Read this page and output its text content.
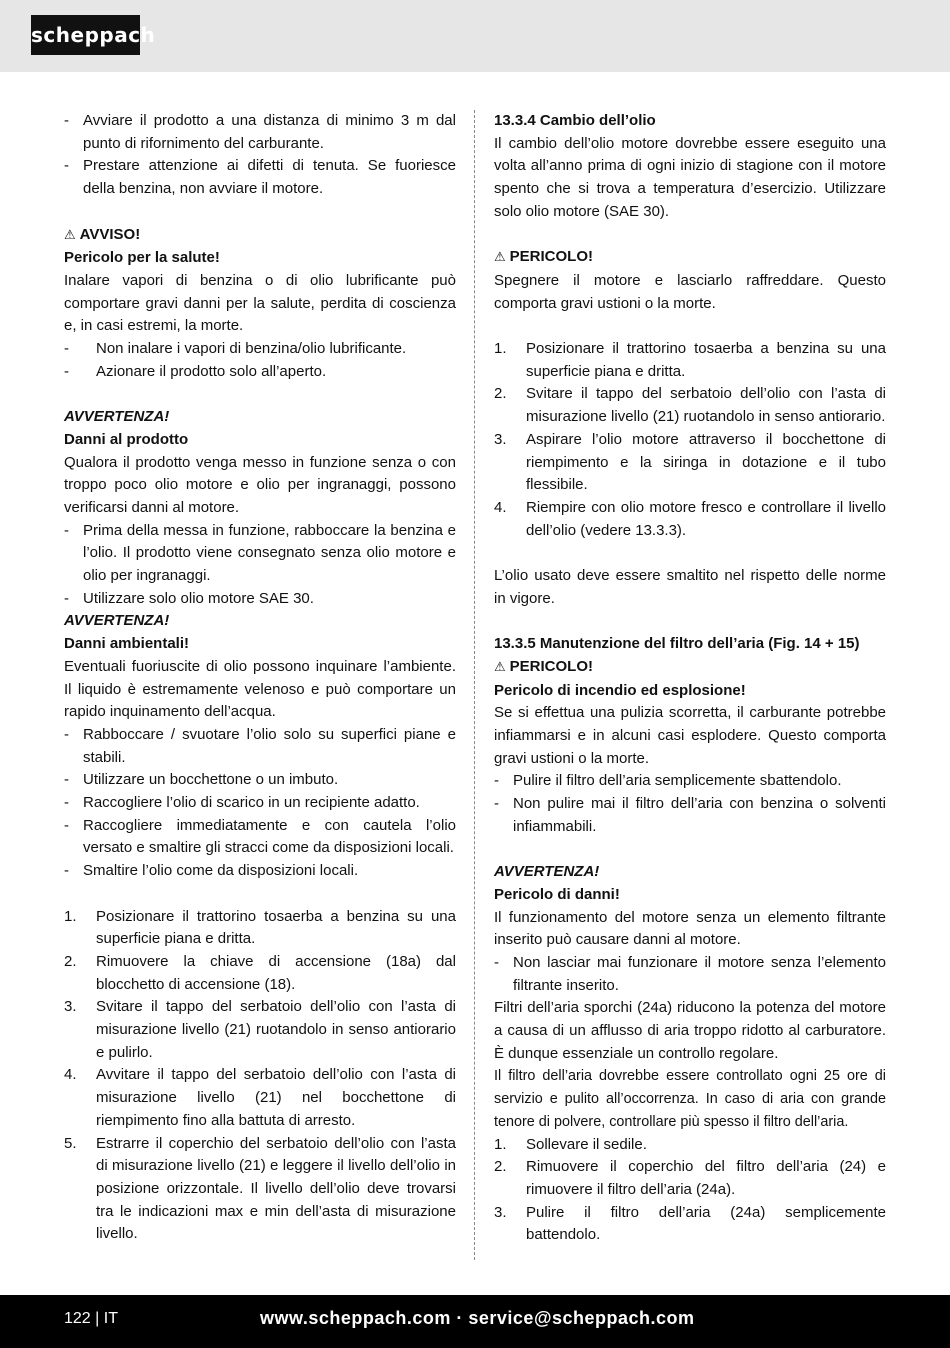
scheppach
- Avviare il prodotto a una distanza di minimo 3 m dal punto di rifornimento del carburante.
- Prestare attenzione ai difetti di tenuta. Se fuoriesce della benzina, non avviare il motore.
⚠ AVVISO!
Pericolo per la salute!

Inalare vapori di benzina o di olio lubrificante può comportare gravi danni per la salute, perdita di coscienza e, in casi estremi, la morte.

- Non inalare i vapori di benzina/olio lubrificante.
- Azionare il prodotto solo all’aperto.
AVVERTENZA!
Danni al prodotto

Qualora il prodotto venga messo in funzione senza o con troppo poco olio motore e olio per ingranaggi, possono verificarsi danni al motore.

- Prima della messa in funzione, rabboccare la benzina e l’olio. Il prodotto viene consegnato senza olio motore e olio per ingranaggi.
- Utilizzare solo olio motore SAE 30.
AVVERTENZA!
Danni ambientali!

Eventuali fuoriuscite di olio possono inquinare l’ambiente. Il liquido è estremamente velenoso e può comportare un rapido inquinamento dell’acqua.

- Rabboccare / svuotare l’olio solo su superfici piane e stabili.
- Utilizzare un bocchettone o un imbuto.
- Raccogliere l’olio di scarico in un recipiente adatto.
- Raccogliere immediatamente e con cautela l’olio versato e smaltire gli stracci come da disposizioni locali.
- Smaltire l’olio come da disposizioni locali.
1. Posizionare il trattorino tosaerba a benzina su una superficie piana e dritta.
2. Rimuovere la chiave di accensione (18a) dal blocchetto di accensione (18).
3. Svitare il tappo del serbatoio dell’olio con l’asta di misurazione livello (21) ruotandolo in senso antiorario e pulirlo.
4. Avvitare il tappo del serbatoio dell’olio con l’asta di misurazione livello (21) nel bocchettone di riempimento fino alla battuta di arresto.
5. Estrarre il coperchio del serbatoio dell’olio con l’asta di misurazione livello (21) e leggere il livello dell’olio in posizione orizzontale. Il livello dell’olio deve trovarsi tra le indicazioni max e min dell’asta di misurazione livello.
13.3.4 Cambio dell’olio

Il cambio dell’olio motore dovrebbe essere eseguito una volta all’anno prima di ogni inizio di stagione con il motore spento che si trova a temperatura d’esercizio. Utilizzare solo olio motore (SAE 30).

⚠ PERICOLO!

Spegnere il motore e lasciarlo raffreddare. Questo comporta gravi ustioni o la morte.

1. Posizionare il trattorino tosaerba a benzina su una superficie piana e dritta.
2. Svitare il tappo del serbatoio dell’olio con l’asta di misurazione livello (21) ruotandolo in senso antiorario.
3. Aspirare l’olio motore attraverso il bocchettone di riempimento e la siringa in dotazione e il tubo flessibile.
4. Riempire con olio motore fresco e controllare il livello dell’olio (vedere 13.3.3).

L’olio usato deve essere smaltito nel rispetto delle norme in vigore.

13.3.5 Manutenzione del filtro dell’aria (Fig. 14 + 15)
⚠ PERICOLO!
Pericolo di incendio ed esplosione!

Se si effettua una pulizia scorretta, il carburante potrebbe infiammarsi e in alcuni casi esplodere. Questo comporta gravi ustioni o la morte.

- Pulire il filtro dell’aria semplicemente sbattendolo.
- Non pulire mai il filtro dell’aria con benzina o solventi infiammabili.
AVVERTENZA!
Pericolo di danni!

Il funzionamento del motore senza un elemento filtrante inserito può causare danni al motore.

- Non lasciar mai funzionare il motore senza l’elemento filtrante inserito.

Filtri dell’aria sporchi (24a) riducono la potenza del motore a causa di un afflusso di aria troppo ridotto al carburatore. È dunque essenziale un controllo regolare.

Il filtro dell’aria dovrebbe essere controllato ogni 25 ore di servizio e pulito all’occorrenza. In caso di aria con grande tenore di polvere, controllare più spesso il filtro dell’aria.

1. Sollevare il sedile.
2. Rimuovere il coperchio del filtro dell’aria (24) e rimuovere il filtro dell’aria (24a).
3. Pulire il filtro dell’aria (24a) semplicemente battendolo.
122 | IT	www.scheppach.com · service@scheppach.com
